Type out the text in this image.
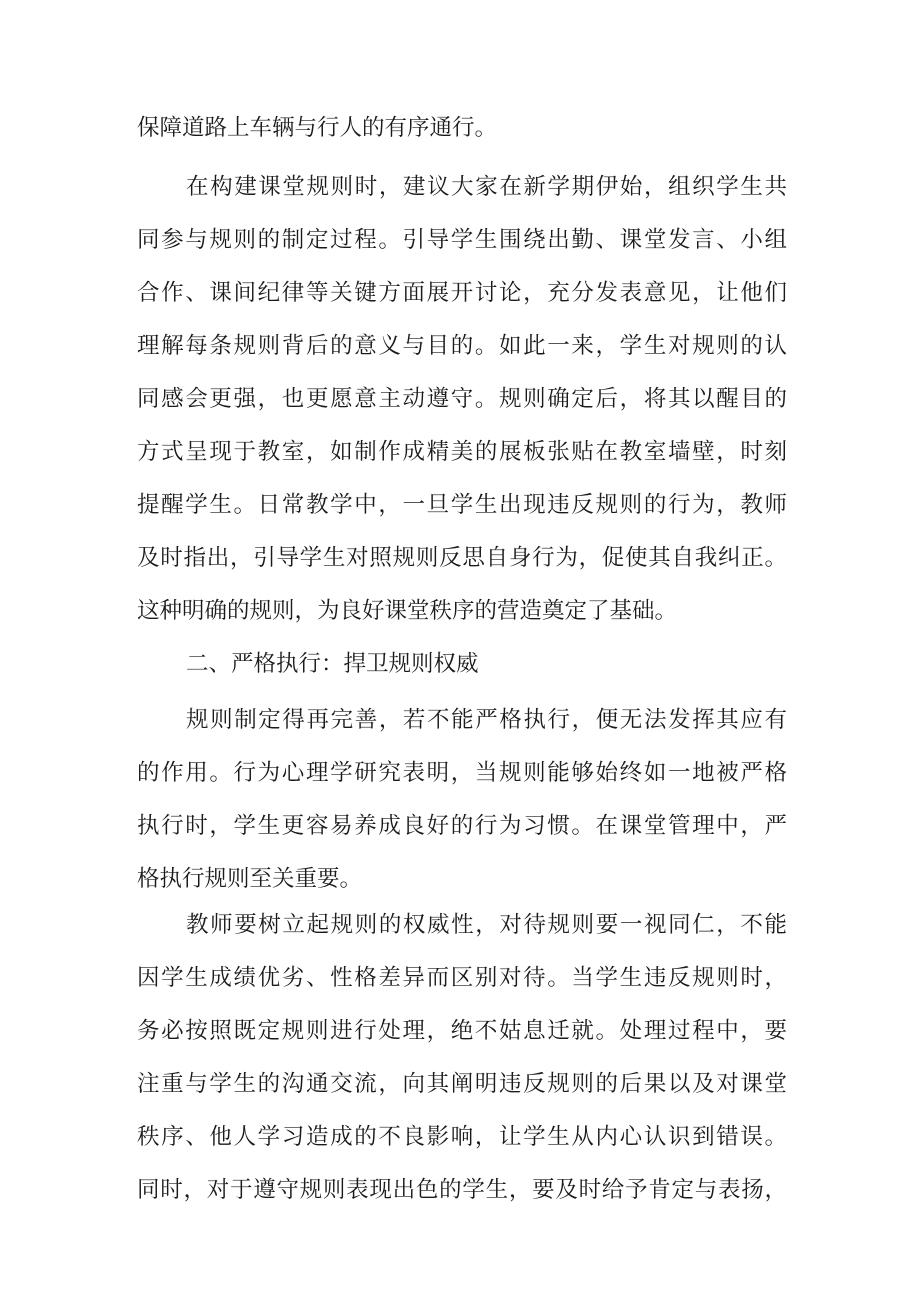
保障道路上车辆与行人的有序通行。
在构建课堂规则时，建议大家在新学期伊始，组织学生共
同参与规则的制定过程。引导学生围绕出勤、课堂发言、小组
合作、课间纪律等关键方面展开讨论，充分发表意见，让他们
理解每条规则背后的意义与目的。如此一来，学生对规则的认
同感会更强，也更愿意主动遵守。规则确定后，将其以醒目的
方式呈现于教室，如制作成精美的展板张贴在教室墙壁，时刻
提醒学生。日常教学中，一旦学生出现违反规则的行为，教师
及时指出，引导学生对照规则反思自身行为，促使其自我纠正。
这种明确的规则，为良好课堂秩序的营造奠定了基础。
二、严格执行：捍卫规则权威
规则制定得再完善，若不能严格执行，便无法发挥其应有
的作用。行为心理学研究表明，当规则能够始终如一地被严格
执行时，学生更容易养成良好的行为习惯。在课堂管理中，严
格执行规则至关重要。
教师要树立起规则的权威性，对待规则要一视同仁，不能
因学生成绩优劣、性格差异而区别对待。当学生违反规则时，
务必按照既定规则进行处理，绝不姑息迁就。处理过程中，要
注重与学生的沟通交流，向其阐明违反规则的后果以及对课堂
秩序、他人学习造成的不良影响，让学生从内心认识到错误。
同时，对于遵守规则表现出色的学生，要及时给予肯定与表扬，
